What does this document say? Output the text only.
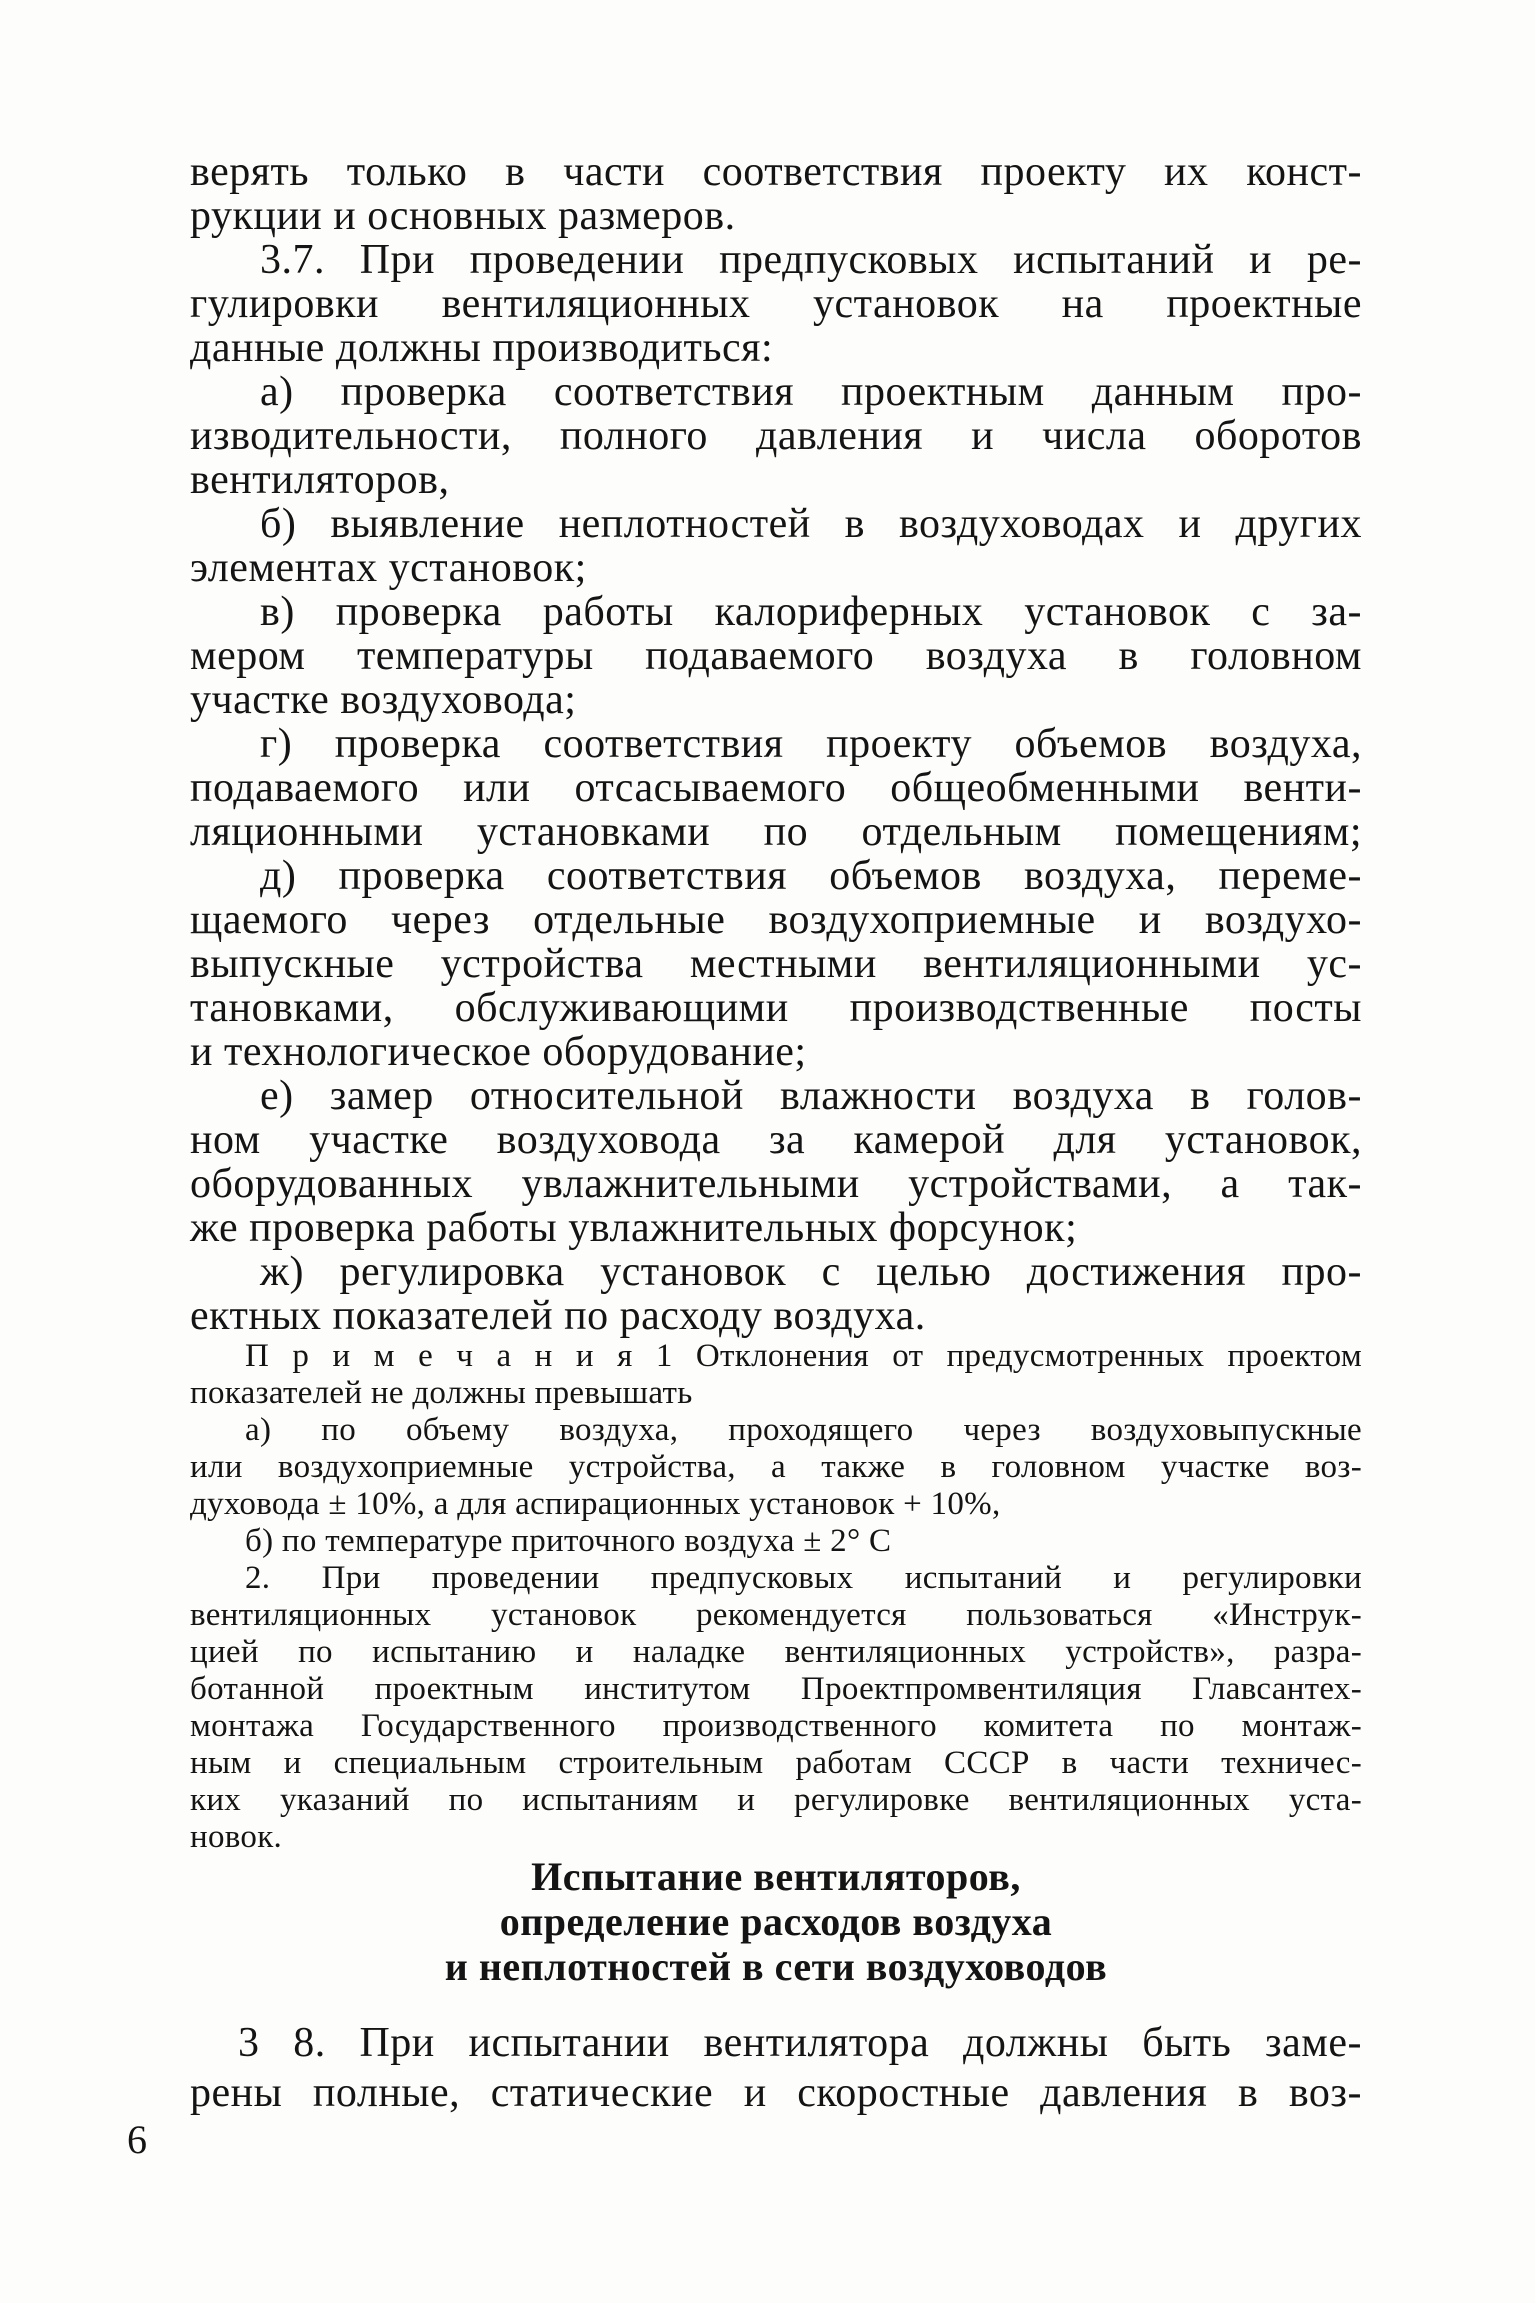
верять только в части соответствия проекту их конст-
рукции и основных размеров.
3.7. При проведении предпусковых испытаний и ре-
гулировки вентиляционных установок на проектные
данные должны производиться:
а) проверка соответствия проектным данным про-
изводительности, полного давления и числа оборотов
вентиляторов,
б) выявление неплотностей в воздуховодах и других
элементах установок;
в) проверка работы калориферных установок с за-
мером температуры подаваемого воздуха в головном
участке воздуховода;
г) проверка соответствия проекту объемов воздуха,
подаваемого или отсасываемого общеобменными венти-
ляционными установками по отдельным помещениям;
д) проверка соответствия объемов воздуха, переме-
щаемого через отдельные воздухоприемные и воздухо-
выпускные устройства местными вентиляционными ус-
тановками, обслуживающими производственные посты
и технологическое оборудование;
е) замер относительной влажности воздуха в голов-
ном участке воздуховода за камерой для установок,
оборудованных увлажнительными устройствами, а так-
же проверка работы увлажнительных форсунок;
ж) регулировка установок с целью достижения про-
ектных показателей по расходу воздуха.
П р и м е ч а н и я 1 Отклонения от предусмотренных проектом
показателей не должны превышать
а) по объему воздуха, проходящего через воздуховыпускные
или воздухоприемные устройства, а также в головном участке воз-
духовода ± 10%, а для аспирационных установок + 10%,
б) по температуре приточного воздуха ± 2° С
2. При проведении предпусковых испытаний и регулировки
вентиляционных установок рекомендуется пользоваться «Инструк-
цией по испытанию и наладке вентиляционных устройств», разра-
ботанной проектным институтом Проектпромвентиляция Главсантех-
монтажа Государственного производственного комитета по монтаж-
ным и специальным строительным работам СССР в части техничес-
ких указаний по испытаниям и регулировке вентиляционных уста-
новок.
Испытание вентиляторов,
определение расходов воздуха
и неплотностей в сети воздуховодов
3 8. При испытании вентилятора должны быть заме-
рены полные, статические и скоростные давления в воз-
6
